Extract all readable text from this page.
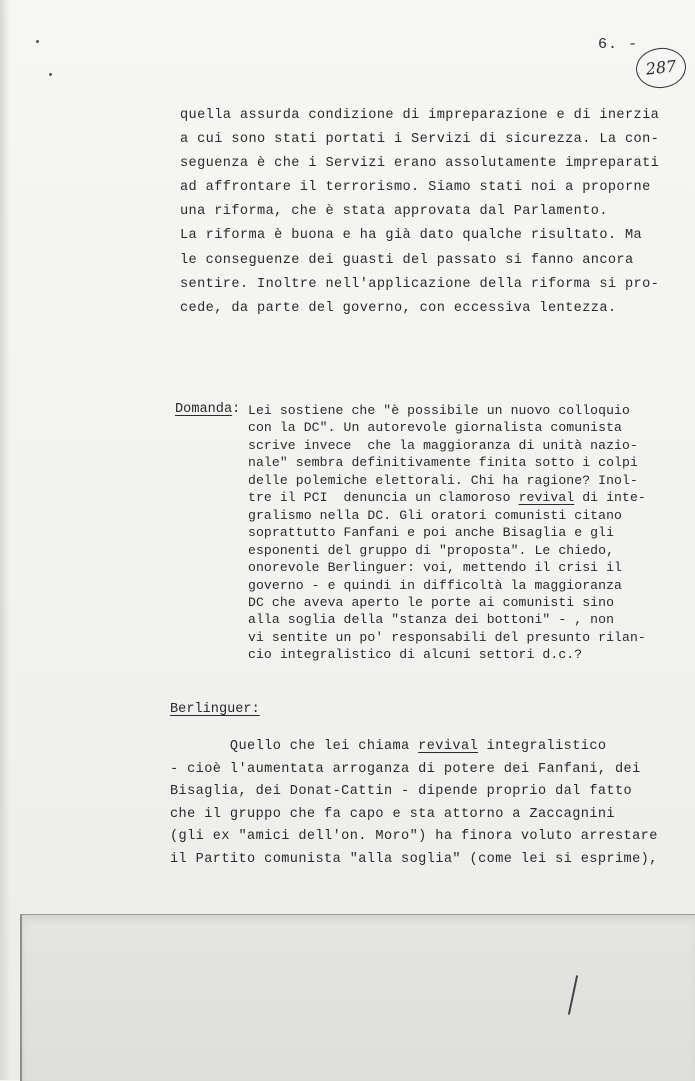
6. -
287
quella assurda condizione di impreparazione e di inerzia
a cui sono stati portati i Servizi di sicurezza. La con-
seguenza è che i Servizi erano assolutamente impreparati
ad affrontare il terrorismo. Siamo stati noi a proporne
una riforma, che è stata approvata dal Parlamento.
La riforma è buona e ha già dato qualche risultato. Ma
le conseguenze dei guasti del passato si fanno ancora
sentire. Inoltre nell'applicazione della riforma si pro-
cede, da parte del governo, con eccessiva lentezza.
Domanda: Lei sostiene che "è possibile un nuovo colloquio
con la DC". Un autorevole giornalista comunista
scrive invece  che la maggioranza di unità nazio-
nale" sembra definitivamente finita sotto i colpi
delle polemiche elettorali. Chi ha ragione? Inol-
tre il PCI  denuncia un clamoroso revival di inte-
gralismo nella DC. Gli oratori comunisti citano
soprattutto Fanfani e poi anche Bisaglia e gli
esponenti del gruppo di "proposta". Le chiedo,
onorevole Berlinguer: voi, mettendo il crisi il
governo - e quindi in difficoltà la maggioranza
DC che aveva aperto le porte ai comunisti sino
alla soglia della "stanza dei bottoni" - , non
vi sentite un po' responsabili del presunto rilan-
cio integralistico di alcuni settori d.c.?
Berlinguer:
Quello che lei chiama revival integralistico
- cioè l'aumentata arroganza di potere dei Fanfani, dei
Bisaglia, dei Donat-Cattin - dipende proprio dal fatto
che il gruppo che fa capo e sta attorno a Zaccagnini
(gli ex "amici dell'on. Moro") ha finora voluto arrestare
il Partito comunista "alla soglia" (come lei si esprime),
